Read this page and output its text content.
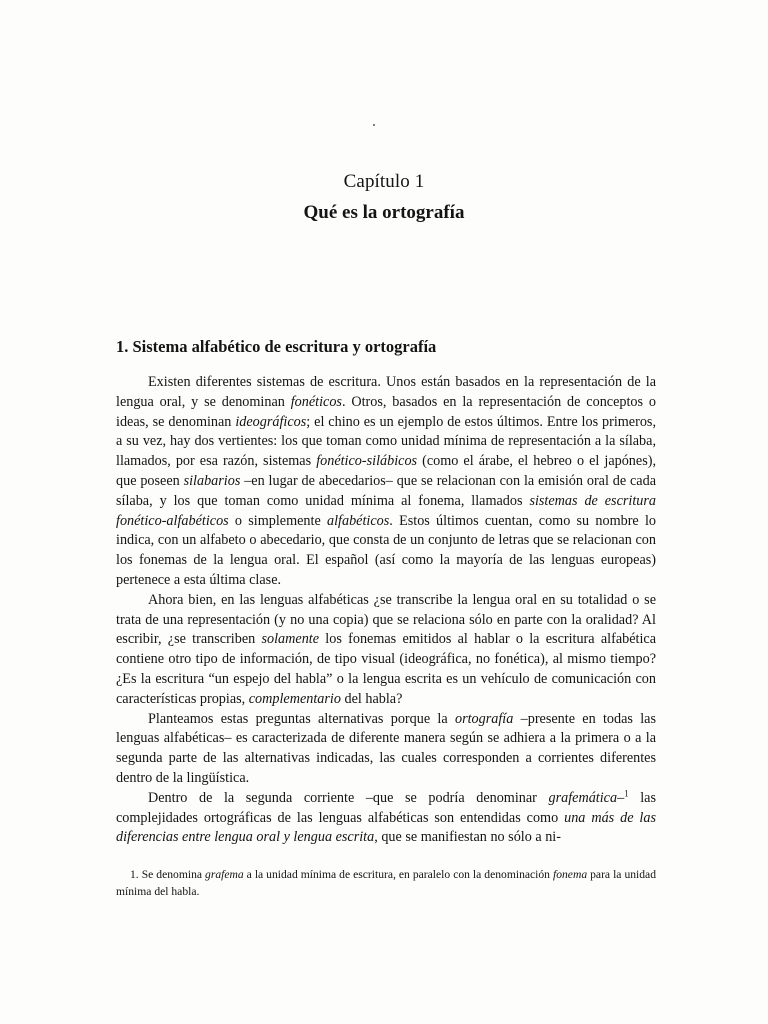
Capítulo 1
Qué es la ortografía
1. Sistema alfabético de escritura y ortografía

Existen diferentes sistemas de escritura. Unos están basados en la representación de la lengua oral, y se denominan fonéticos. Otros, basados en la representación de conceptos o ideas, se denominan ideográficos; el chino es un ejemplo de estos últimos. Entre los primeros, a su vez, hay dos vertientes: los que toman como unidad mínima de representación a la sílaba, llamados, por esa razón, sistemas fonético-silábicos (como el árabe, el hebreo o el japónes), que poseen silabarios –en lugar de abecedarios– que se relacionan con la emisión oral de cada sílaba, y los que toman como unidad mínima al fonema, llamados sistemas de escritura fonético-alfabéticos o simplemente alfabéticos. Estos últimos cuentan, como su nombre lo indica, con un alfabeto o abecedario, que consta de un conjunto de letras que se relacionan con los fonemas de la lengua oral. El español (así como la mayoría de las lenguas europeas) pertenece a esta última clase.

Ahora bien, en las lenguas alfabéticas ¿se transcribe la lengua oral en su totalidad o se trata de una representación (y no una copia) que se relaciona sólo en parte con la oralidad? Al escribir, ¿se transcriben solamente los fonemas emitidos al hablar o la escritura alfabética contiene otro tipo de información, de tipo visual (ideográfica, no fonética), al mismo tiempo? ¿Es la escritura “un espejo del habla” o la lengua escrita es un vehículo de comunicación con características propias, complementario del habla?

Planteamos estas preguntas alternativas porque la ortografía –presente en todas las lenguas alfabéticas– es caracterizada de diferente manera según se adhiera a la primera o a la segunda parte de las alternativas indicadas, las cuales corresponden a corrientes diferentes dentro de la lingüística.

Dentro de la segunda corriente –que se podría denominar grafemática–$^1$ las complejidades ortográficas de las lenguas alfabéticas son entendidas como una más de las diferencias entre lengua oral y lengua escrita, que se manifiestan no sólo a ni-

1. Se denomina grafema a la unidad mínima de escritura, en paralelo con la denominación fonema para la unidad mínima del habla.
